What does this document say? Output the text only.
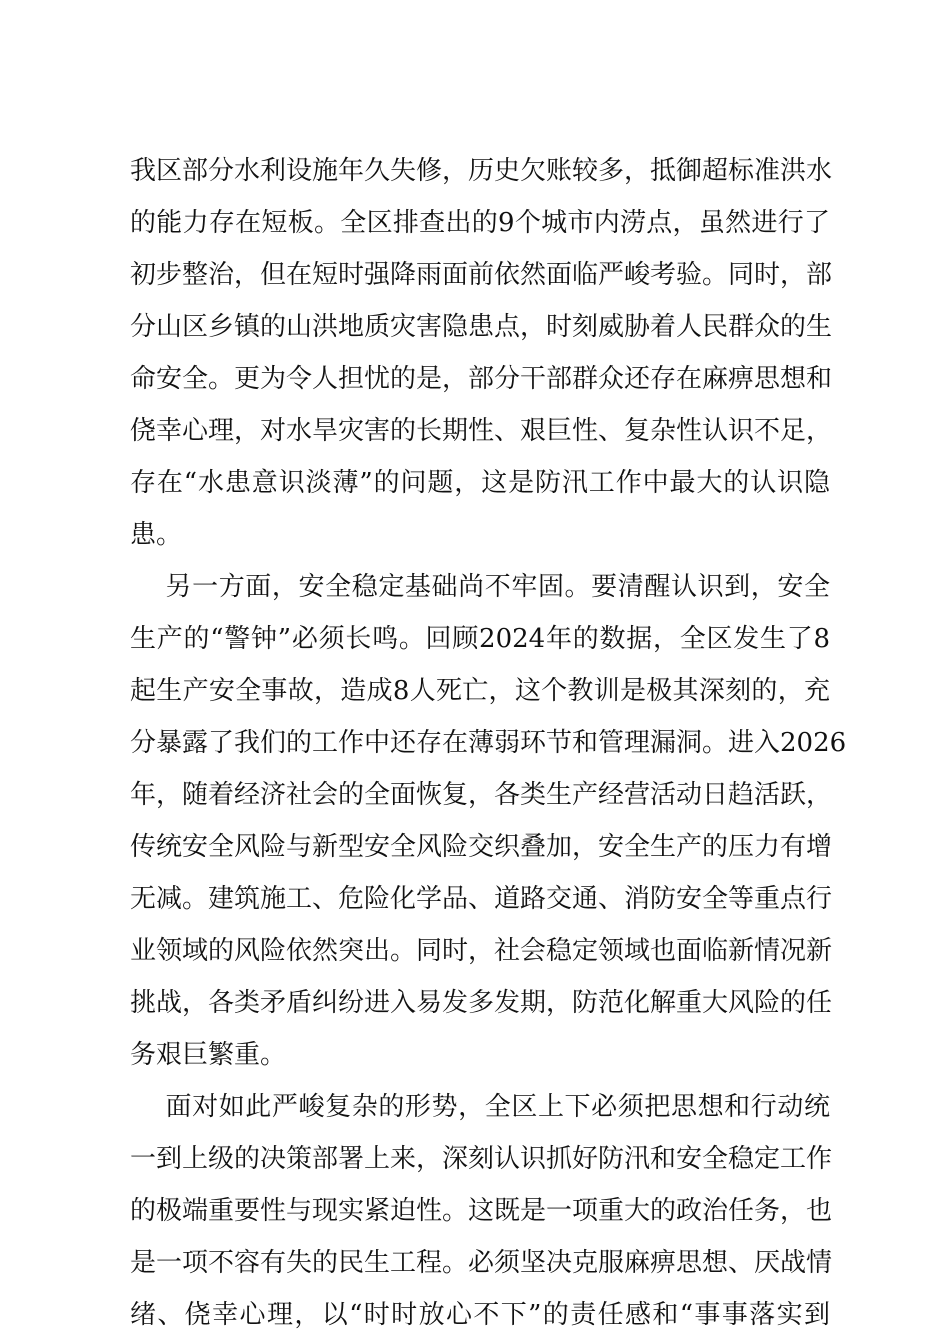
我区部分水利设施年久失修，历史欠账较多，抵御超标准洪水
的能力存在短板。全区排查出的9个城市内涝点，虽然进行了
初步整治，但在短时强降雨面前依然面临严峻考验。同时，部
分山区乡镇的山洪地质灾害隐患点，时刻威胁着人民群众的生
命安全。更为令人担忧的是，部分干部群众还存在麻痹思想和
侥幸心理，对水旱灾害的长期性、艰巨性、复杂性认识不足，
存在“水患意识淡薄”的问题，这是防汛工作中最大的认识隐
患。
另一方面，安全稳定基础尚不牢固。要清醒认识到，安全
生产的“警钟”必须长鸣。回顾2024年的数据，全区发生了8
起生产安全事故，造成8人死亡，这个教训是极其深刻的，充
分暴露了我们的工作中还存在薄弱环节和管理漏洞。进入2026
年，随着经济社会的全面恢复，各类生产经营活动日趋活跃，
传统安全风险与新型安全风险交织叠加，安全生产的压力有增
无减。建筑施工、危险化学品、道路交通、消防安全等重点行
业领域的风险依然突出。同时，社会稳定领域也面临新情况新
挑战，各类矛盾纠纷进入易发多发期，防范化解重大风险的任
务艰巨繁重。
面对如此严峻复杂的形势，全区上下必须把思想和行动统
一到上级的决策部署上来，深刻认识抓好防汛和安全稳定工作
的极端重要性与现实紧迫性。这既是一项重大的政治任务，也
是一项不容有失的民生工程。必须坚决克服麻痹思想、厌战情
绪、侥幸心理，以“时时放心不下”的责任感和“事事落实到
